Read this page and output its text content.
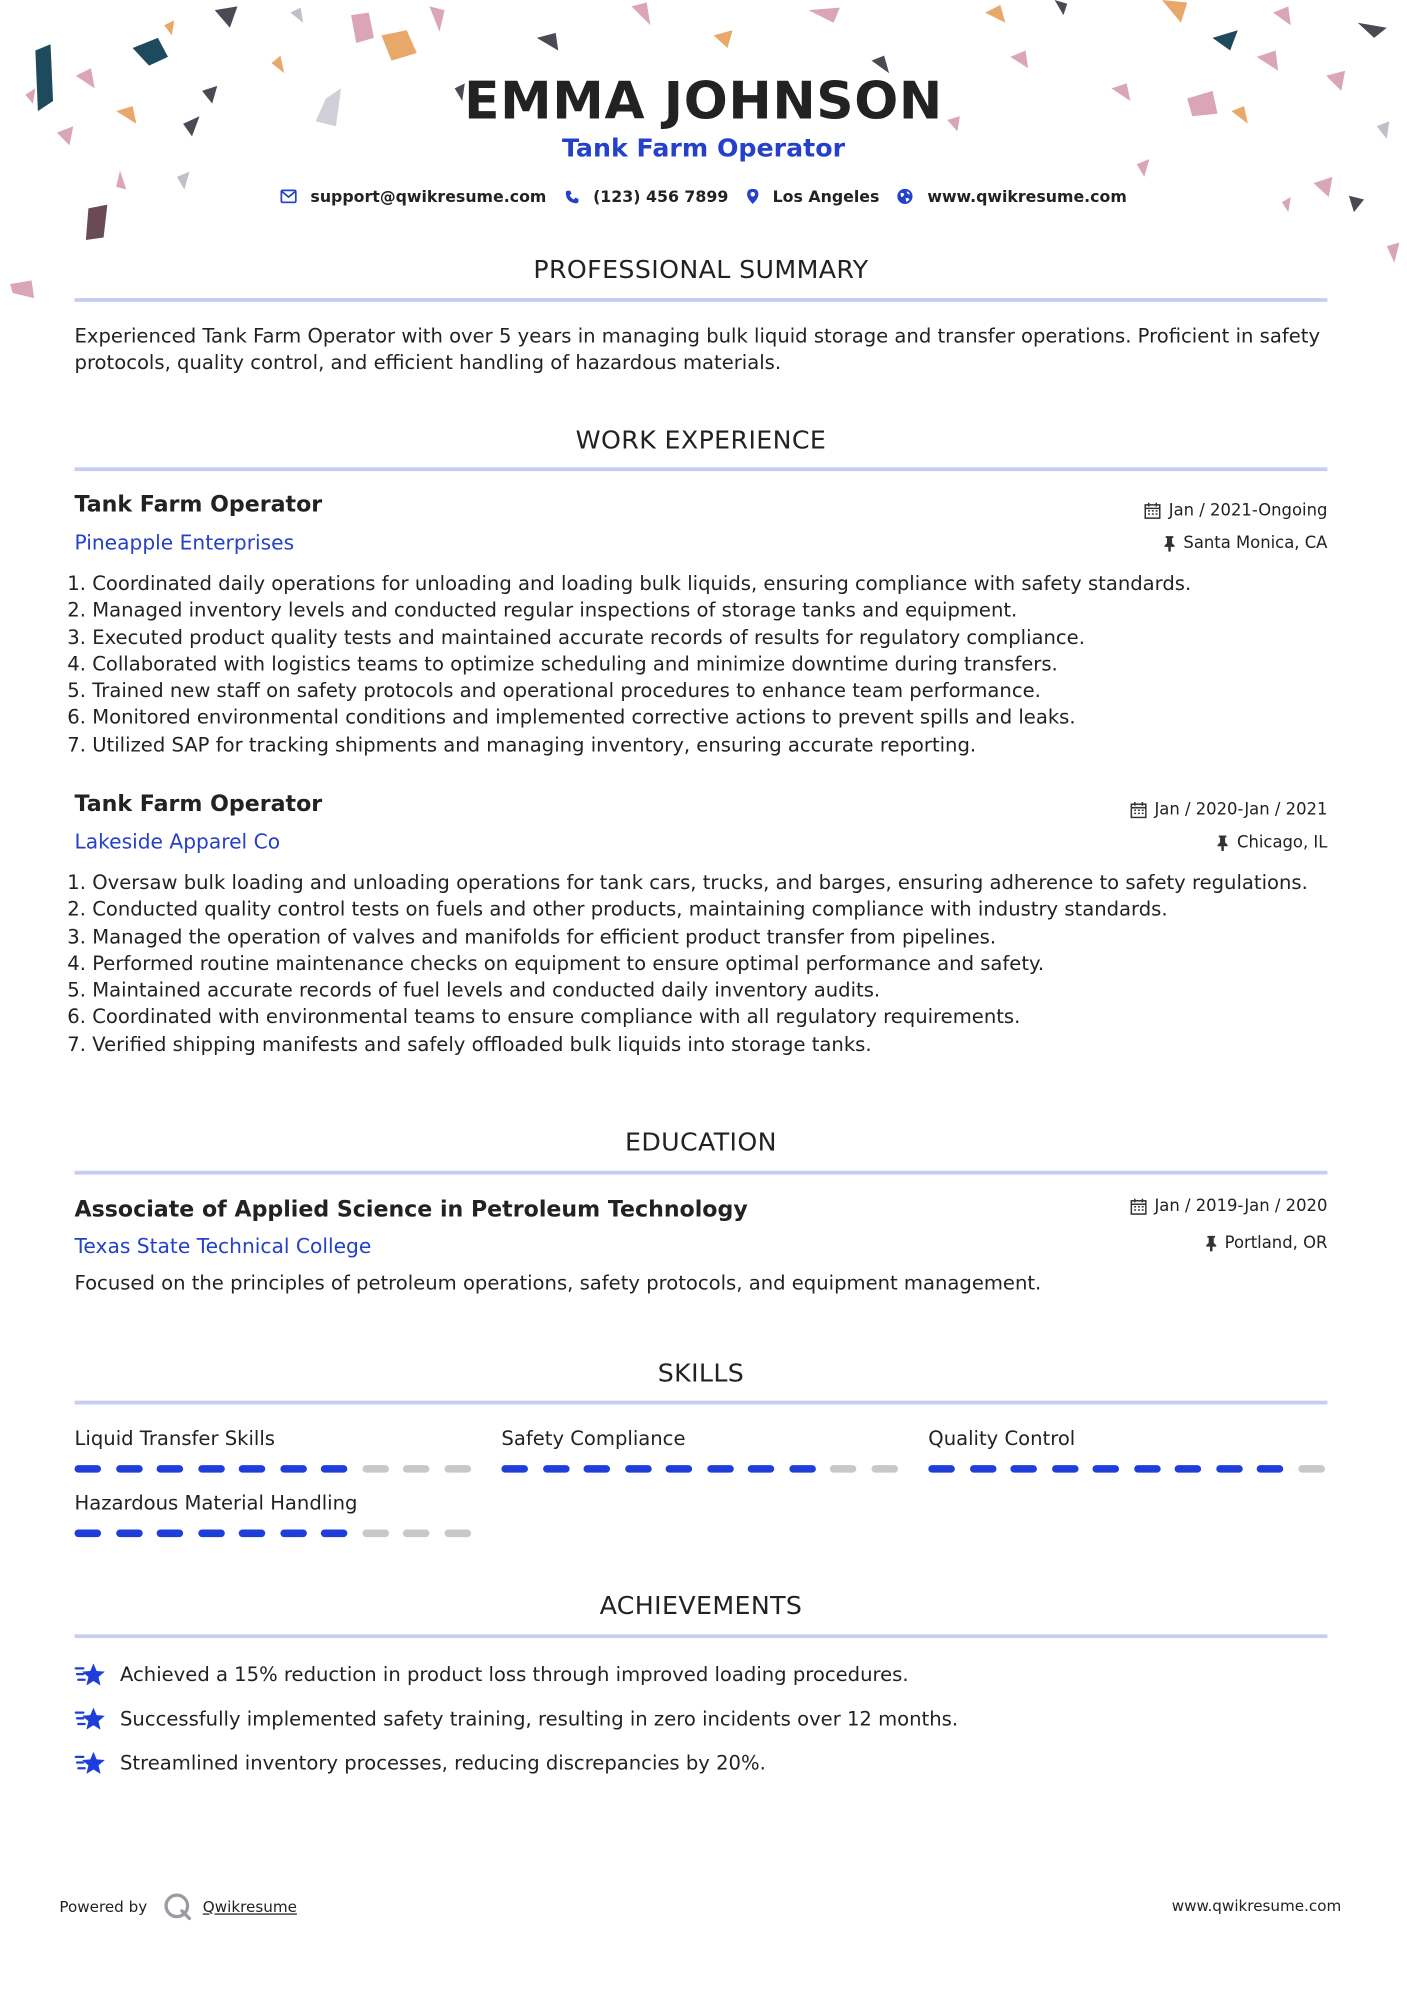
EMMA JOHNSON
Tank Farm Operator
support@qwikresume.com	(123) 456 7899	Los Angeles	www.qwikresume.com
PROFESSIONAL SUMMARY
Experienced Tank Farm Operator with over 5 years in managing bulk liquid storage and transfer operations. Proficient in safety
protocols, quality control, and efficient handling of hazardous materials.
WORK EXPERIENCE
Tank Farm Operator	Jan / 2021-Ongoing
Pineapple Enterprises	Santa Monica, CA
1. Coordinated daily operations for unloading and loading bulk liquids, ensuring compliance with safety standards.
2. Managed inventory levels and conducted regular inspections of storage tanks and equipment.
3. Executed product quality tests and maintained accurate records of results for regulatory compliance.
4. Collaborated with logistics teams to optimize scheduling and minimize downtime during transfers.
5. Trained new staff on safety protocols and operational procedures to enhance team performance.
6. Monitored environmental conditions and implemented corrective actions to prevent spills and leaks.
7. Utilized SAP for tracking shipments and managing inventory, ensuring accurate reporting.
Tank Farm Operator	Jan / 2020-Jan / 2021
Lakeside Apparel Co	Chicago, IL
1. Oversaw bulk loading and unloading operations for tank cars, trucks, and barges, ensuring adherence to safety regulations.
2. Conducted quality control tests on fuels and other products, maintaining compliance with industry standards.
3. Managed the operation of valves and manifolds for efficient product transfer from pipelines.
4. Performed routine maintenance checks on equipment to ensure optimal performance and safety.
5. Maintained accurate records of fuel levels and conducted daily inventory audits.
6. Coordinated with environmental teams to ensure compliance with all regulatory requirements.
7. Verified shipping manifests and safely offloaded bulk liquids into storage tanks.
EDUCATION
Associate of Applied Science in Petroleum Technology	Jan / 2019-Jan / 2020
Texas State Technical College	Portland, OR
Focused on the principles of petroleum operations, safety protocols, and equipment management.
SKILLS
Liquid Transfer Skills	Safety Compliance	Quality Control
Hazardous Material Handling
ACHIEVEMENTS
Achieved a 15% reduction in product loss through improved loading procedures.
Successfully implemented safety training, resulting in zero incidents over 12 months.
Streamlined inventory processes, reducing discrepancies by 20%.
Powered by	Qwikresume	www.qwikresume.com
